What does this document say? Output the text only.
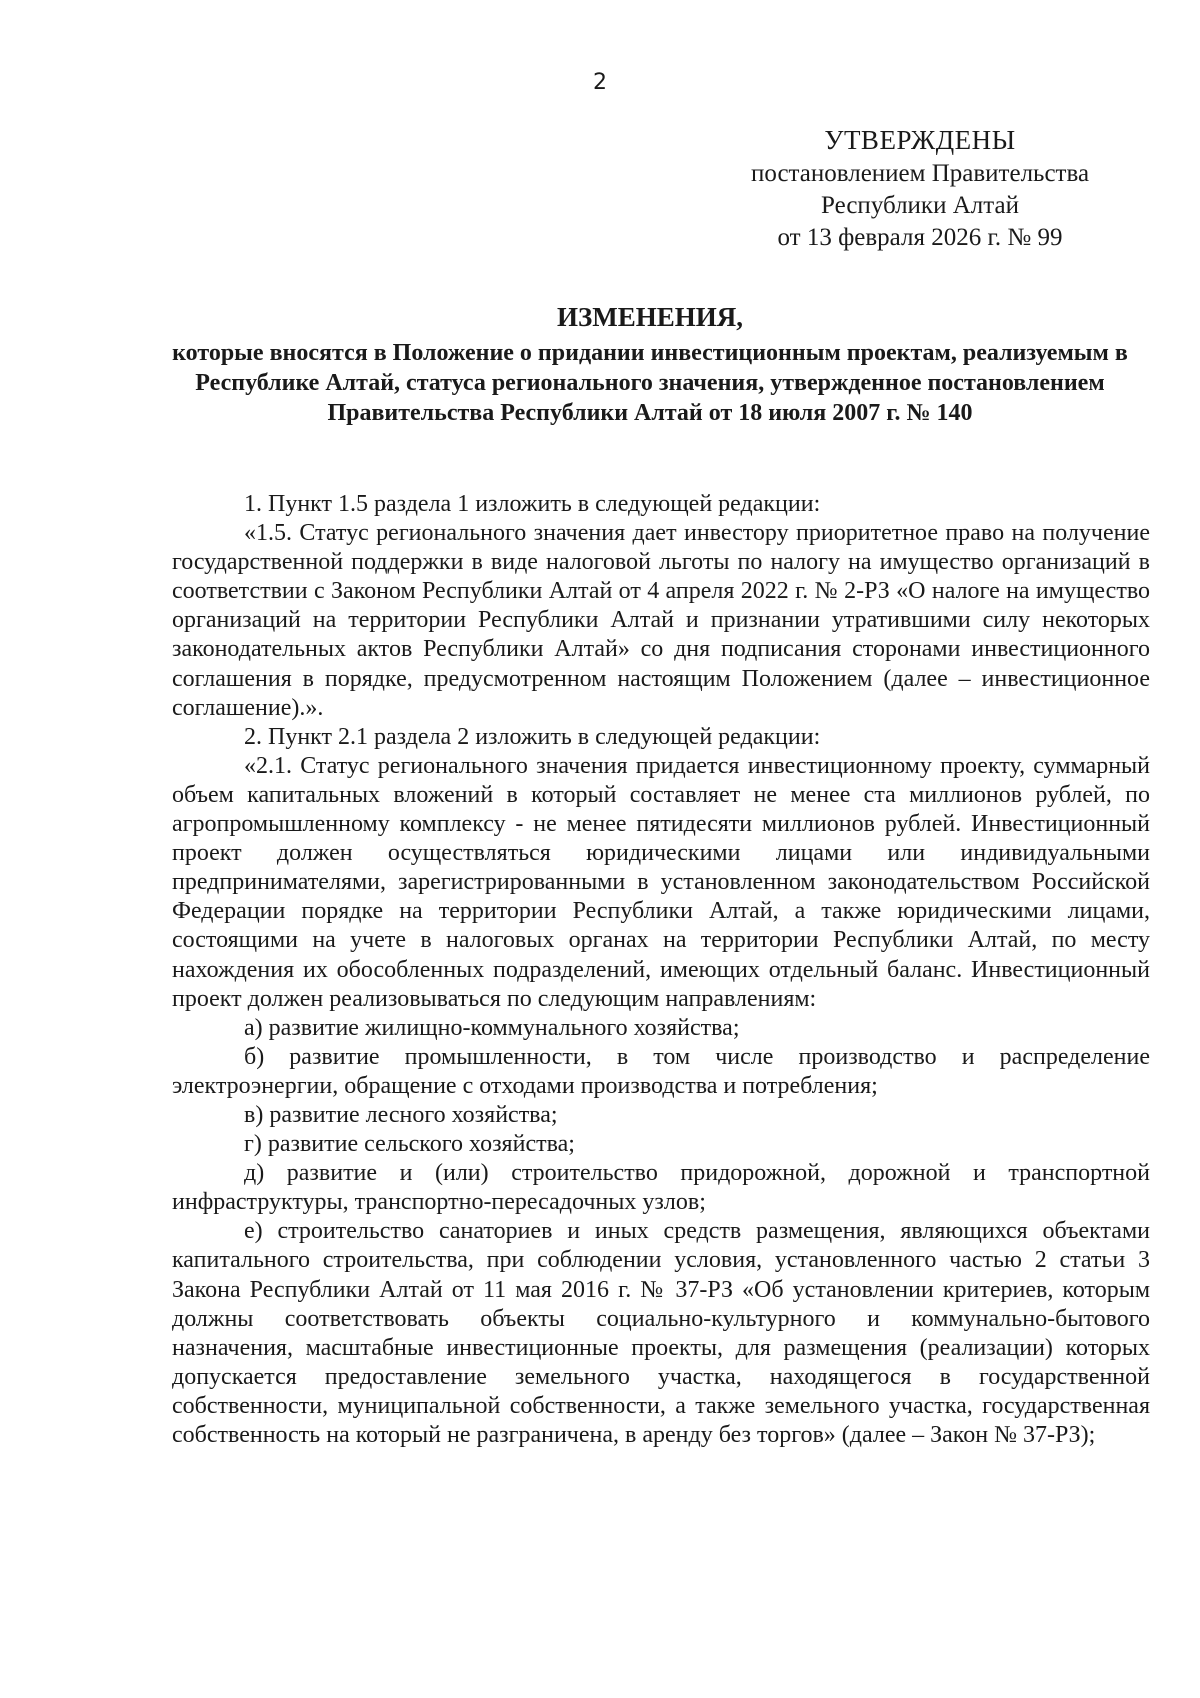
2
УТВЕРЖДЕНЫ
постановлением Правительства
Республики Алтай
от 13 февраля 2026 г. № 99
ИЗМЕНЕНИЯ,
которые вносятся в Положение о придании инвестиционным проектам, реализуемым в Республике Алтай, статуса регионального значения, утвержденное постановлением Правительства Республики Алтай от 18 июля 2007 г. № 140

1. Пункт 1.5 раздела 1 изложить в следующей редакции:

«1.5. Статус регионального значения дает инвестору приоритетное право на получение государственной поддержки в виде налоговой льготы по налогу на имущество организаций в соответствии с Законом Республики Алтай от 4 апреля 2022 г. № 2-РЗ «О налоге на имущество организаций на территории Республики Алтай и признании утратившими силу некоторых законодательных актов Республики Алтай» со дня подписания сторонами инвестиционного соглашения в порядке, предусмотренном настоящим Положением (далее – инвестиционное соглашение).».

2. Пункт 2.1 раздела 2 изложить в следующей редакции:

«2.1. Статус регионального значения придается инвестиционному проекту, суммарный объем капитальных вложений в который составляет не менее ста миллионов рублей, по агропромышленному комплексу - не менее пятидесяти миллионов рублей. Инвестиционный проект должен осуществляться юридическими лицами или индивидуальными предпринимателями, зарегистрированными в установленном законодательством Российской Федерации порядке на территории Республики Алтай, а также юридическими лицами, состоящими на учете в налоговых органах на территории Республики Алтай, по месту нахождения их обособленных подразделений, имеющих отдельный баланс. Инвестиционный проект должен реализовываться по следующим направлениям:

а) развитие жилищно-коммунального хозяйства;

б) развитие промышленности, в том числе производство и распределение электроэнергии, обращение с отходами производства и потребления;

в) развитие лесного хозяйства;

г) развитие сельского хозяйства;

д) развитие и (или) строительство придорожной, дорожной и транспортной инфраструктуры, транспортно-пересадочных узлов;

е) строительство санаториев и иных средств размещения, являющихся объектами капитального строительства, при соблюдении условия, установленного частью 2 статьи 3 Закона Республики Алтай от 11 мая 2016 г. № 37-РЗ «Об установлении критериев, которым должны соответствовать объекты социально-культурного и коммунально-бытового назначения, масштабные инвестиционные проекты, для размещения (реализации) которых допускается предоставление земельного участка, находящегося в государственной собственности, муниципальной собственности, а также земельного участка, государственная собственность на который не разграничена, в аренду без торгов» (далее – Закон № 37-РЗ);
